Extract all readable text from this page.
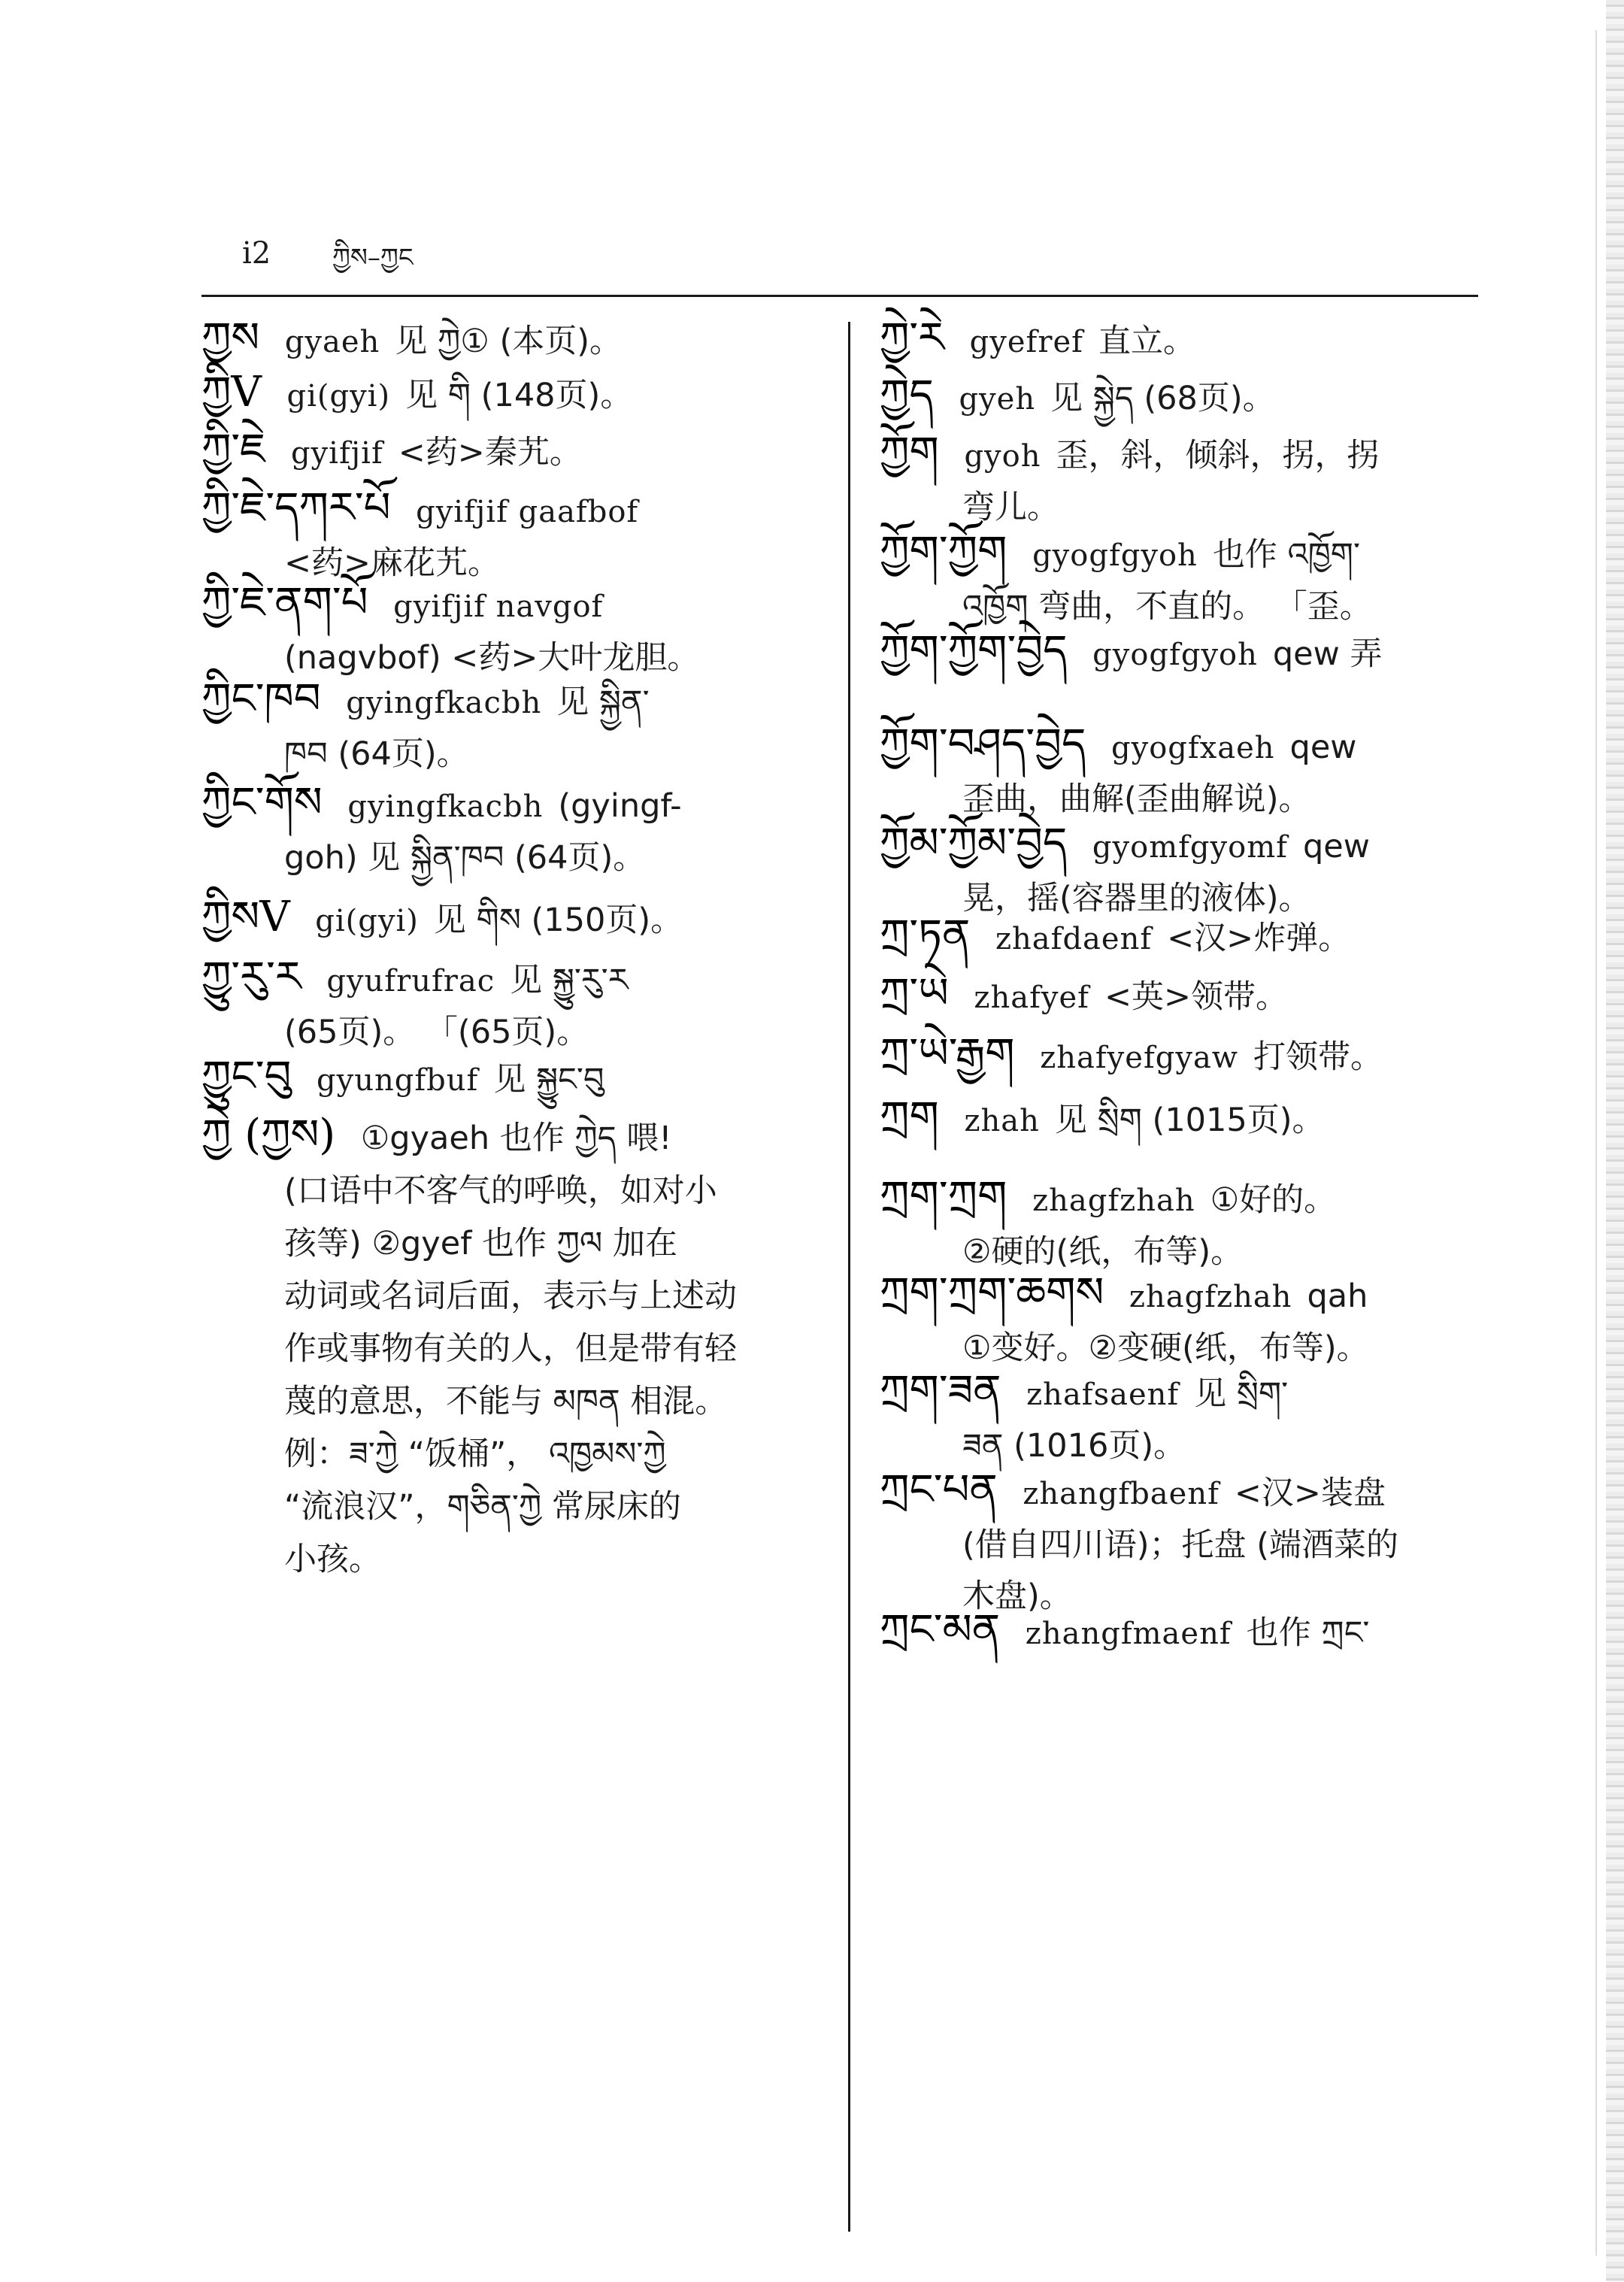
i2 ཀྱིས–ཀྱང
ཀྱས gyaeh 见 ཀྱེ① (本页)。
ཀྱིV gi(gyi) 见 གི (148页)。
ཀྱི་ཇེ gyifjif <药>秦艽。
ཀྱི་ཇེ་དཀར་པོ gyifjif gaafbof
<药>麻花艽。
ཀྱི་ཇེ་ནག་པོ gyifjif navgof
(nagvbof) <药>大叶龙胆。
ཀྱིང་ཁབ gyingfkacbh 见 སྐྱིན་
ཁབ (64页)。
ཀྱིང་གོས gyingfkacbh (gyingf-
goh) 见 སྐྱིན་ཁབ (64页)。
ཀྱིསV gi(gyi) 见 གིས (150页)。
ཀྱུ་རུ་ར gyufrufrac 见 སྐྱུ་རུ་ར
(65页)。 「(65页)。
ཀྱུང་བུ gyungfbuf 见 སྐྱུང་བུ
ཀྱེ (ཀྱས) ①gyaeh 也作 ཀྱེད 喂!
(口语中不客气的呼唤，如对小
孩等) ②gyef 也作 ཀྱལ 加在
动词或名词后面，表示与上述动
作或事物有关的人，但是带有轻
蔑的意思，不能与 མཁན 相混。
例：ཟ་ཀྱེ “饭桶”， འཁྱམས་ཀྱེ
“流浪汉”，གཅིན་ཀྱེ 常尿床的
小孩。
ཀྱེ་རེ gyefref 直立。
ཀྱེད gyeh 见 སྐྱེད (68页)。
ཀྱོག gyoh 歪，斜，倾斜，拐，拐
弯儿。
ཀྱོག་ཀྱོག gyogfgyoh 也作 འཁྱོག་
འཁྱོག 弯曲，不直的。 「歪。
ཀྱོག་ཀྱོག་བྱེད gyogfgyoh qew 弄
ཀྱོག་བཤད་བྱེད gyogfxaeh qew
歪曲，曲解(歪曲解说)。
ཀྱོམ་ཀྱོམ་བྱེད gyomfgyomf qew
晃，摇(容器里的液体)。
ཀྲ་ཏན zhafdaenf <汉>炸弹。
ཀྲ་ཡེ zhafyef <英>领带。
ཀྲ་ཡེ་རྒྱག zhafyefgyaw 打领带。
ཀྲག zhah 见 སྲིག (1015页)。
ཀྲག་ཀྲག zhagfzhah ①好的。
②硬的(纸，布等)。
ཀྲག་ཀྲག་ཆགས zhagfzhah qah
①变好。②变硬(纸，布等)。
ཀྲག་ཟན zhafsaenf 见 སྲིག་
ཟན (1016页)。
ཀྲང་པན zhangfbaenf <汉>装盘
(借自四川语)；托盘 (端酒菜的
木盘)。
ཀྲང་མན zhangfmaenf 也作 ཀྲང་
